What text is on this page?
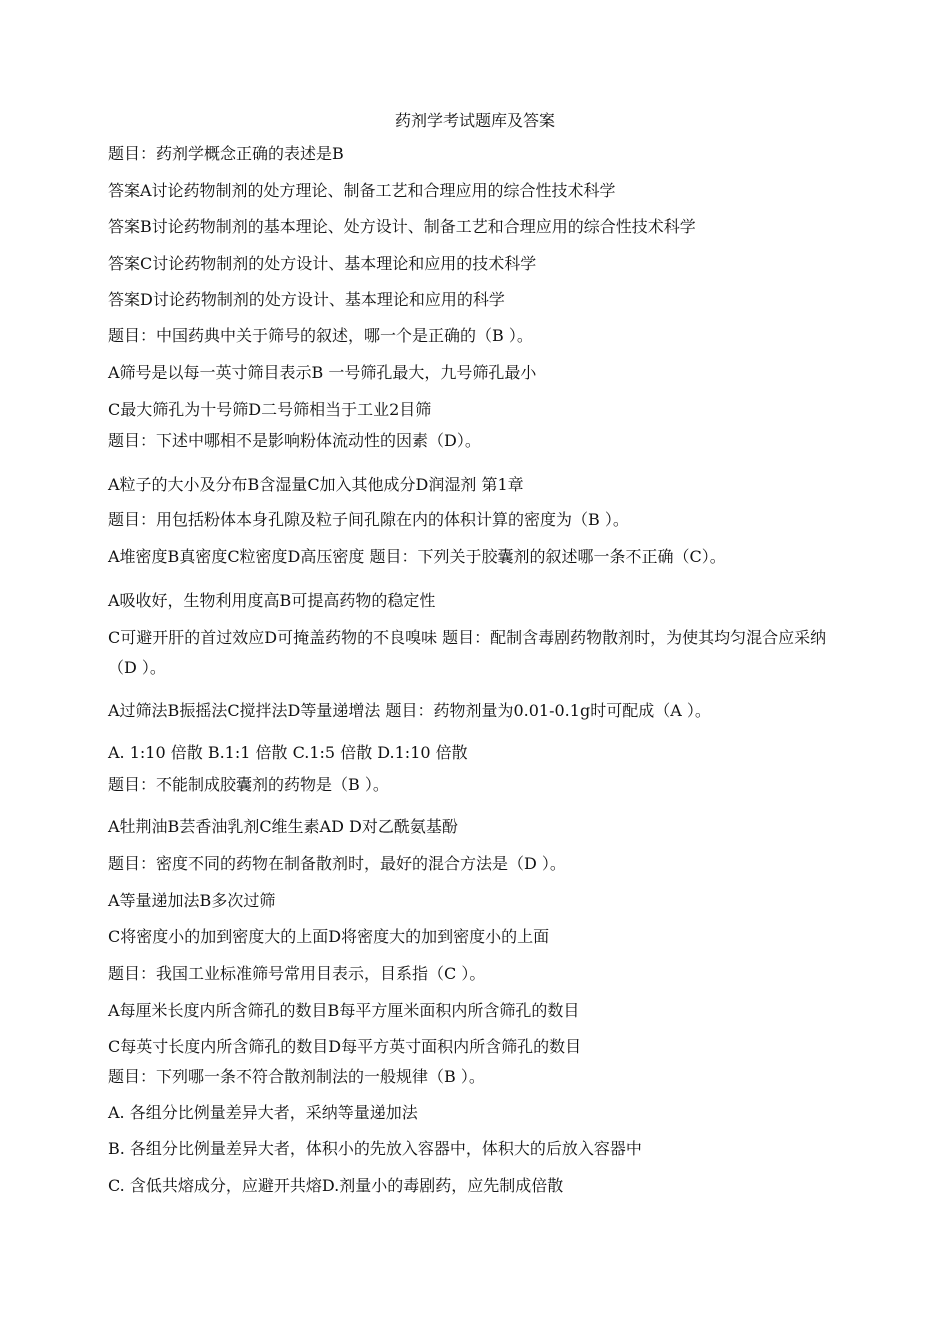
药剂学考试题库及答案
题目：药剂学概念正确的表述是B
答案A讨论药物制剂的处方理论、制备工艺和合理应用的综合性技术科学
答案B讨论药物制剂的基本理论、处方设计、制备工艺和合理应用的综合性技术科学
答案C讨论药物制剂的处方设计、基本理论和应用的技术科学
答案D讨论药物制剂的处方设计、基本理论和应用的科学
题目：中国药典中关于筛号的叙述，哪一个是正确的（B ）。
A筛号是以每一英寸筛目表示B 一号筛孔最大，九号筛孔最小
C最大筛孔为十号筛D二号筛相当于工业2目筛
题目：下述中哪相不是影响粉体流动性的因素（D）。
A粒子的大小及分布B含湿量C加入其他成分D润湿剂 第1章
题目：用包括粉体本身孔隙及粒子间孔隙在内的体积计算的密度为（B ）。
A堆密度B真密度C粒密度D高压密度 题目：下列关于胶囊剂的叙述哪一条不正确（C）。
A吸收好，生物利用度高B可提高药物的稳定性
C可避开肝的首过效应D可掩盖药物的不良嗅味 题目：配制含毒剧药物散剂时，为使其均匀混合应采纳（D ）。
A过筛法B振摇法C搅拌法D等量递增法 题目：药物剂量为0.01-0.1g时可配成（A ）。
A. 1:10 倍散 B.1:1 倍散 C.1:5 倍散 D.1:10 倍散
题目：不能制成胶囊剂的药物是（B ）。
A牡荆油B芸香油乳剂C维生素AD D对乙酰氨基酚
题目：密度不同的药物在制备散剂时，最好的混合方法是（D ）。
A等量递加法B多次过筛
C将密度小的加到密度大的上面D将密度大的加到密度小的上面
题目：我国工业标准筛号常用目表示，目系指（C ）。
A每厘米长度内所含筛孔的数目B每平方厘米面积内所含筛孔的数目
C每英寸长度内所含筛孔的数目D每平方英寸面积内所含筛孔的数目
题目：下列哪一条不符合散剂制法的一般规律（B ）。
A. 各组分比例量差异大者，采纳等量递加法
B. 各组分比例量差异大者，体积小的先放入容器中，体积大的后放入容器中
C. 含低共熔成分，应避开共熔D.剂量小的毒剧药，应先制成倍散
